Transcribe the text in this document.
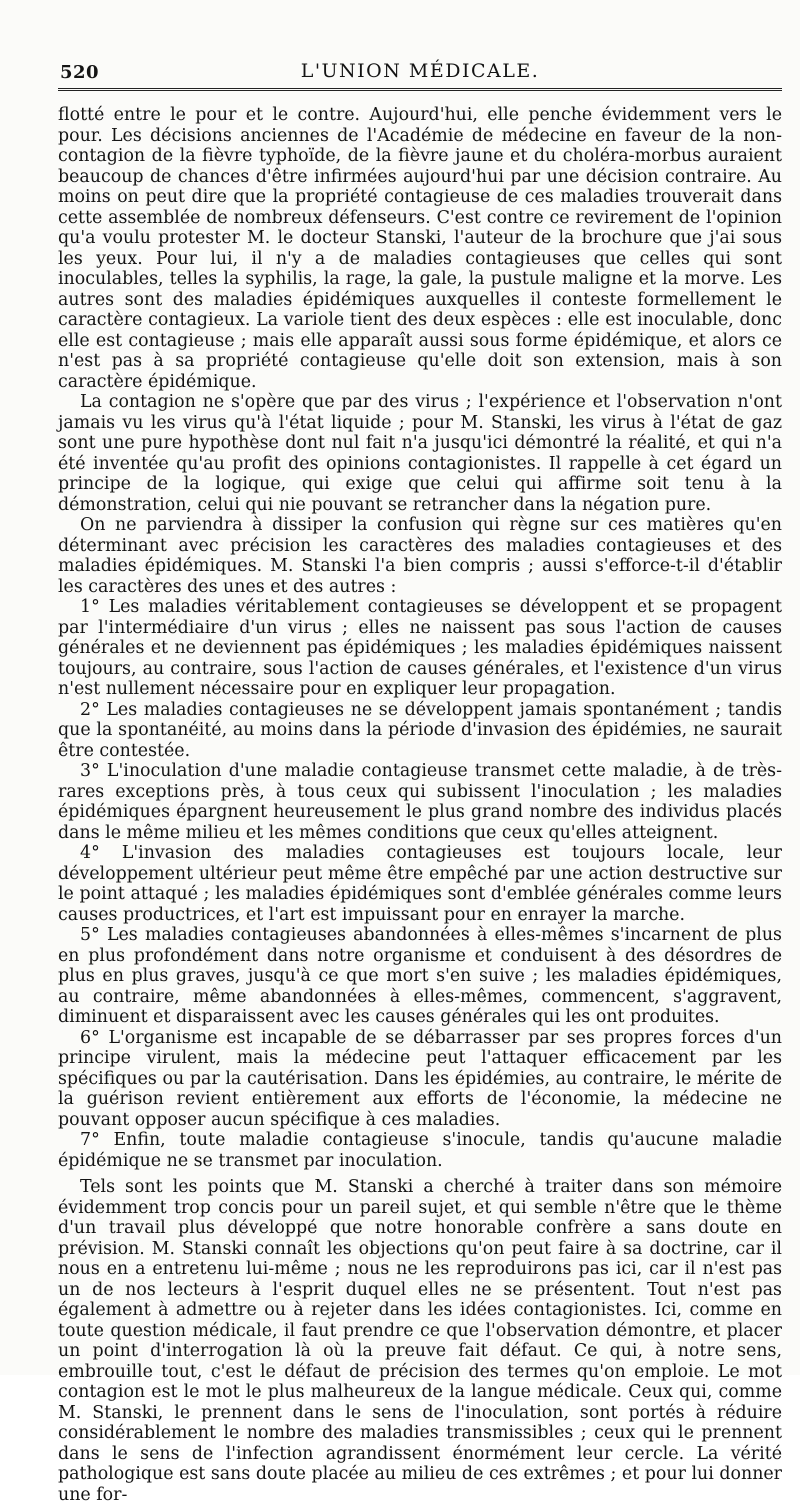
520	L'UNION MÉDICALE.

flotté entre le pour et le contre. Aujourd'hui, elle penche évidemment vers le pour. Les décisions anciennes de l'Académie de médecine en faveur de la non-contagion de la fièvre typhoïde, de la fièvre jaune et du choléra-morbus auraient beaucoup de chances d'être infirmées aujourd'hui par une décision contraire. Au moins on peut dire que la propriété contagieuse de ces maladies trouverait dans cette assemblée de nombreux défenseurs. C'est contre ce revirement de l'opinion qu'a voulu protester M. le docteur Stanski, l'auteur de la brochure que j'ai sous les yeux. Pour lui, il n'y a de maladies contagieuses que celles qui sont inoculables, telles la syphilis, la rage, la gale, la pustule maligne et la morve. Les autres sont des maladies épidémiques auxquelles il conteste formellement le caractère contagieux. La variole tient des deux espèces : elle est inoculable, donc elle est contagieuse ; mais elle apparaît aussi sous forme épidémique, et alors ce n'est pas à sa propriété contagieuse qu'elle doit son extension, mais à son caractère épidémique.

La contagion ne s'opère que par des virus ; l'expérience et l'observation n'ont jamais vu les virus qu'à l'état liquide ; pour M. Stanski, les virus à l'état de gaz sont une pure hypothèse dont nul fait n'a jusqu'ici démontré la réalité, et qui n'a été inventée qu'au profit des opinions contagionistes. Il rappelle à cet égard un principe de la logique, qui exige que celui qui affirme soit tenu à la démonstration, celui qui nie pouvant se retrancher dans la négation pure.

On ne parviendra à dissiper la confusion qui règne sur ces matières qu'en déterminant avec précision les caractères des maladies contagieuses et des maladies épidémiques. M. Stanski l'a bien compris ; aussi s'efforce-t-il d'établir les caractères des unes et des autres :

1° Les maladies véritablement contagieuses se développent et se propagent par l'intermédiaire d'un virus ; elles ne naissent pas sous l'action de causes générales et ne deviennent pas épidémiques ; les maladies épidémiques naissent toujours, au contraire, sous l'action de causes générales, et l'existence d'un virus n'est nullement nécessaire pour en expliquer leur propagation.

2° Les maladies contagieuses ne se développent jamais spontanément ; tandis que la spontanéité, au moins dans la période d'invasion des épidémies, ne saurait être contestée.

3° L'inoculation d'une maladie contagieuse transmet cette maladie, à de très-rares exceptions près, à tous ceux qui subissent l'inoculation ; les maladies épidémiques épargnent heureusement le plus grand nombre des individus placés dans le même milieu et les mêmes conditions que ceux qu'elles atteignent.

4° L'invasion des maladies contagieuses est toujours locale, leur développement ultérieur peut même être empêché par une action destructive sur le point attaqué ; les maladies épidémiques sont d'emblée générales comme leurs causes productrices, et l'art est impuissant pour en enrayer la marche.

5° Les maladies contagieuses abandonnées à elles-mêmes s'incarnent de plus en plus profondément dans notre organisme et conduisent à des désordres de plus en plus graves, jusqu'à ce que mort s'en suive ; les maladies épidémiques, au contraire, même abandonnées à elles-mêmes, commencent, s'aggravent, diminuent et disparaissent avec les causes générales qui les ont produites.

6° L'organisme est incapable de se débarrasser par ses propres forces d'un principe virulent, mais la médecine peut l'attaquer efficacement par les spécifiques ou par la cautérisation. Dans les épidémies, au contraire, le mérite de la guérison revient entièrement aux efforts de l'économie, la médecine ne pouvant opposer aucun spécifique à ces maladies.

7° Enfin, toute maladie contagieuse s'inocule, tandis qu'aucune maladie épidémique ne se transmet par inoculation.

Tels sont les points que M. Stanski a cherché à traiter dans son mémoire évidemment trop concis pour un pareil sujet, et qui semble n'être que le thème d'un travail plus développé que notre honorable confrère a sans doute en prévision. M. Stanski connaît les objections qu'on peut faire à sa doctrine, car il nous en a entretenu lui-même ; nous ne les reproduirons pas ici, car il n'est pas un de nos lecteurs à l'esprit duquel elles ne se présentent. Tout n'est pas également à admettre ou à rejeter dans les idées contagionistes. Ici, comme en toute question médicale, il faut prendre ce que l'observation démontre, et placer un point d'interrogation là où la preuve fait défaut. Ce qui, à notre sens, embrouille tout, c'est le défaut de précision des termes qu'on emploie. Le mot contagion est le mot le plus malheureux de la langue médicale. Ceux qui, comme M. Stanski, le prennent dans le sens de l'inoculation, sont portés à réduire considérablement le nombre des maladies transmissibles ; ceux qui le prennent dans le sens de l'infection agrandissent énormément leur cercle. La vérité pathologique est sans doute placée au milieu de ces extrêmes ; et pour lui donner une for-
